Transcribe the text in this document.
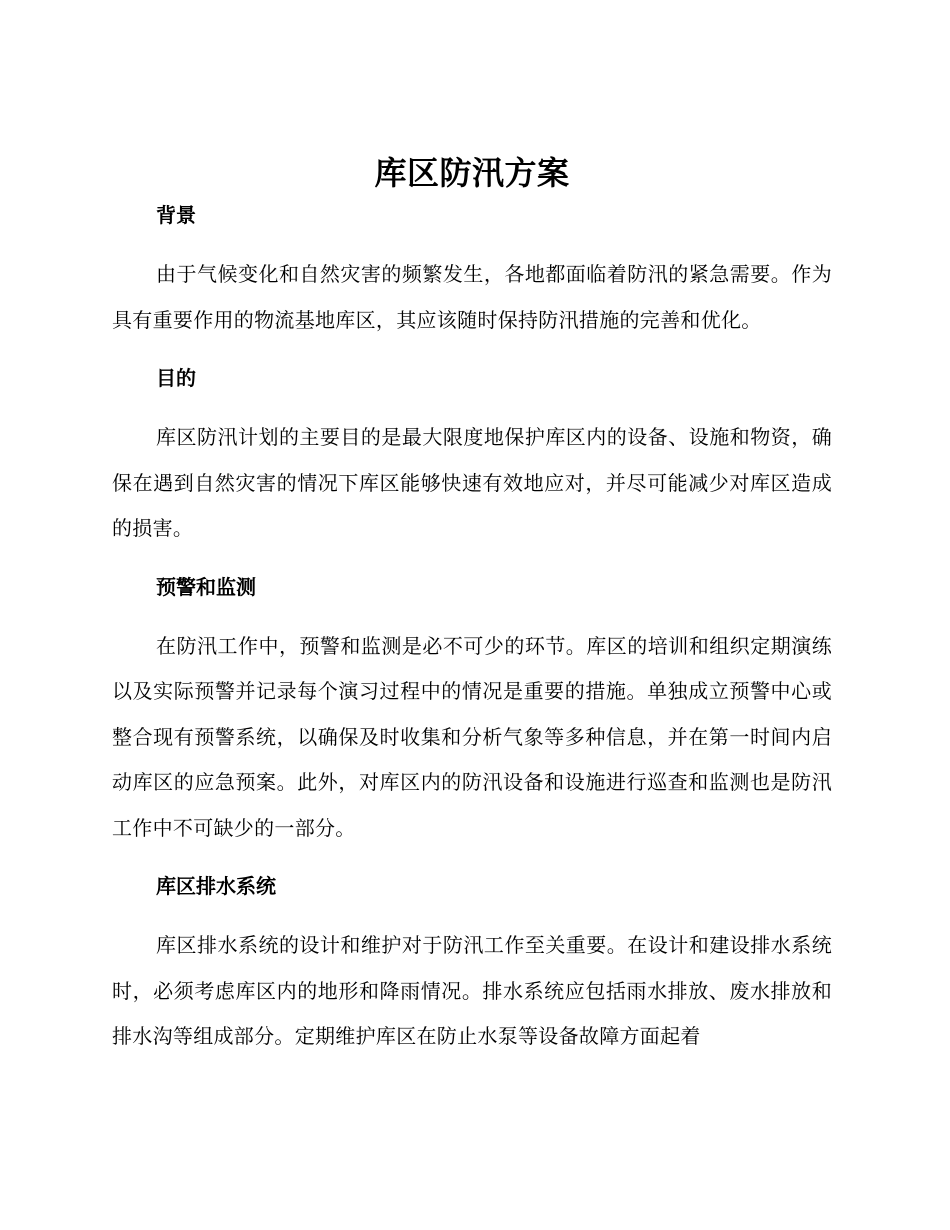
库区防汛方案
背景

由于气候变化和自然灾害的频繁发生，各地都面临着防汛的紧急需要。作为具有重要作用的物流基地库区，其应该随时保持防汛措施的完善和优化。

目的

库区防汛计划的主要目的是最大限度地保护库区内的设备、设施和物资，确保在遇到自然灾害的情况下库区能够快速有效地应对，并尽可能减少对库区造成的损害。

预警和监测

在防汛工作中，预警和监测是必不可少的环节。库区的培训和组织定期演练以及实际预警并记录每个演习过程中的情况是重要的措施。单独成立预警中心或整合现有预警系统，以确保及时收集和分析气象等多种信息，并在第一时间内启动库区的应急预案。此外，对库区内的防汛设备和设施进行巡查和监测也是防汛工作中不可缺少的一部分。

库区排水系统

库区排水系统的设计和维护对于防汛工作至关重要。在设计和建设排水系统时，必须考虑库区内的地形和降雨情况。排水系统应包括雨水排放、废水排放和排水沟等组成部分。定期维护库区在防止水泵等设备故障方面起着
